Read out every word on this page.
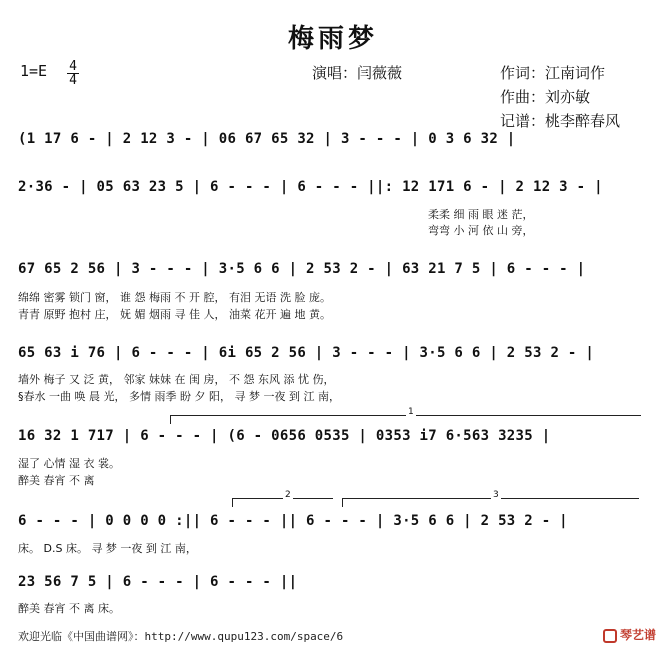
梅雨梦
1=E 4
4	演唱：闫薇薇	作词：江南词作
作曲：刘亦敏
记谱：桃李醉春风
(1 17 6 - | 2 12 3 - | 06 67 65 32 | 3 - - - | 0 3 6 32 |
2·36 - | 05 63 23 5 | 6 - - - | 6 - - - ||: 12 171 6 - | 2 12 3 - |
柔柔 细 雨 眼 迷 茫，
弯弯 小 河 依 山 旁，
67 65 2 56 | 3 - - - | 3·5 6 6 | 2 53 2 - | 63 21 7 5 | 6 - - - |
绵绵 密雾 锁门 窗， 谁 怨 梅雨 不 开 腔， 有泪 无语 洗 脸 庞。
青青 原野 抱村 庄， 妩 媚 烟雨 寻 佳 人， 油菜 花开 遍 地 黄。
65 63 i 76 | 6 - - - | 6i 65 2 56 | 3 - - - | 3·5 6 6 | 2 53 2 - |
墙外 梅子 又 泛 黄， 邻家 妹妹 在 闺 房， 不 怨 东风 添 忧 伤，
§春水 一曲 唤 晨 光， 多情 雨季 盼 夕 阳， 寻 梦 一夜 到 江 南，
1
16 32 1 717 | 6 - - - | (6 - 0656 0535 | 0353 i7 6·563 3235 |
湿了 心情 湿 衣 裳。
醉美 春宵 不 离
2	3
6 - - - | 0 0 0 0 :|| 6 - - - || 6 - - - | 3·5 6 6 | 2 53 2 - |
床。 D.S 床。 寻 梦 一夜 到 江 南，
23 56 7 5 | 6 - - - | 6 - - - ||
醉美 春宵 不 离 床。
欢迎光临《中国曲谱网》：http://www.qupu123.com/space/6	琴艺谱
